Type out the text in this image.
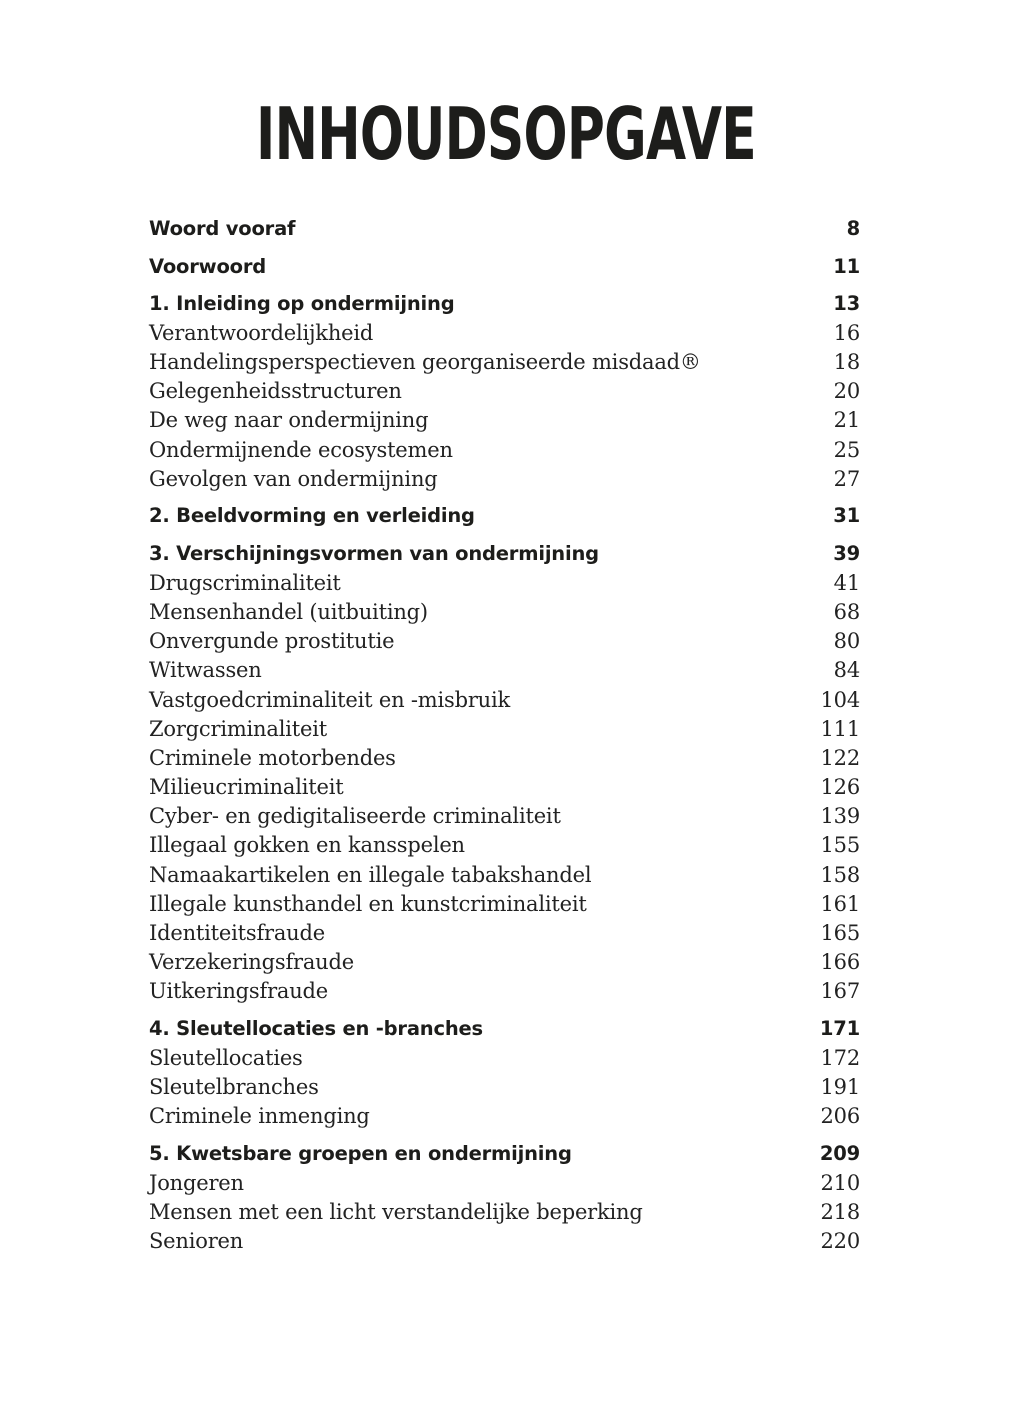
INHOUDSOPGAVE
Woord vooraf	8
Voorwoord	11
1. Inleiding op ondermijning	13
Verantwoordelijkheid	16
Handelingsperspectieven georganiseerde misdaad®	18
Gelegenheidsstructuren	20
De weg naar ondermijning	21
Ondermijnende ecosystemen	25
Gevolgen van ondermijning	27
2. Beeldvorming en verleiding	31
3. Verschijningsvormen van ondermijning	39
Drugscriminaliteit	41
Mensenhandel (uitbuiting)	68
Onvergunde prostitutie	80
Witwassen	84
Vastgoedcriminaliteit en -misbruik	104
Zorgcriminaliteit	111
Criminele motorbendes	122
Milieucriminaliteit	126
Cyber- en gedigitaliseerde criminaliteit	139
Illegaal gokken en kansspelen	155
Namaakartikelen en illegale tabakshandel	158
Illegale kunsthandel en kunstcriminaliteit	161
Identiteitsfraude	165
Verzekeringsfraude	166
Uitkeringsfraude	167
4. Sleutellocaties en -branches	171
Sleutellocaties	172
Sleutelbranches	191
Criminele inmenging	206
5. Kwetsbare groepen en ondermijning	209
Jongeren	210
Mensen met een licht verstandelijke beperking	218
Senioren	220
